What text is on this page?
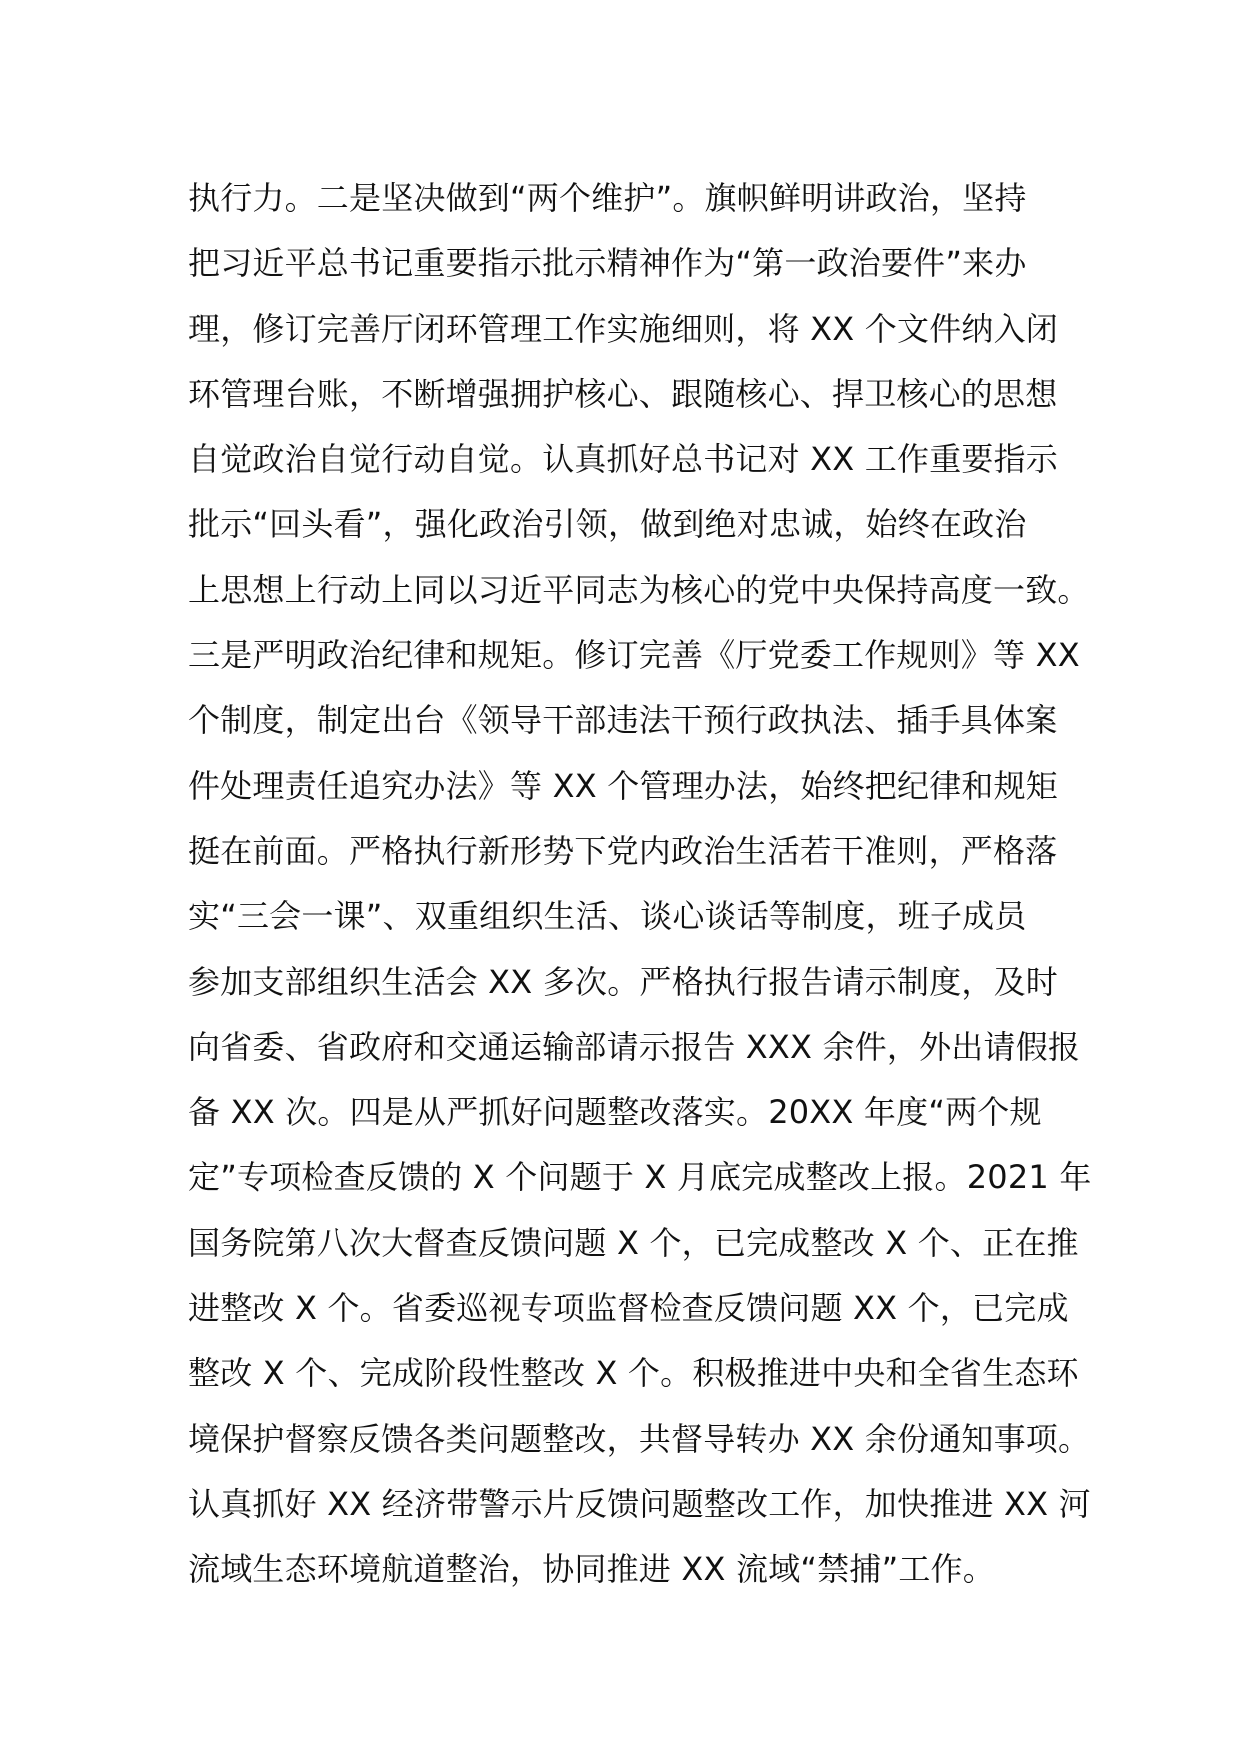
执行力。二是坚决做到“两个维护”。旗帜鲜明讲政治，坚持
把习近平总书记重要指示批示精神作为“第一政治要件”来办
理，修订完善厅闭环管理工作实施细则，将 XX 个文件纳入闭
环管理台账，不断增强拥护核心、跟随核心、捍卫核心的思想
自觉政治自觉行动自觉。认真抓好总书记对 XX 工作重要指示
批示“回头看”，强化政治引领，做到绝对忠诚，始终在政治
上思想上行动上同以习近平同志为核心的党中央保持高度一致。
三是严明政治纪律和规矩。修订完善《厅党委工作规则》等 XX
个制度，制定出台《领导干部违法干预行政执法、插手具体案
件处理责任追究办法》等 XX 个管理办法，始终把纪律和规矩
挺在前面。严格执行新形势下党内政治生活若干准则，严格落
实“三会一课”、双重组织生活、谈心谈话等制度，班子成员
参加支部组织生活会 XX 多次。严格执行报告请示制度，及时
向省委、省政府和交通运输部请示报告 XXX 余件，外出请假报
备 XX 次。四是从严抓好问题整改落实。20XX 年度“两个规
定”专项检查反馈的 X 个问题于 X 月底完成整改上报。2021 年
国务院第八次大督查反馈问题 X 个，已完成整改 X 个、正在推
进整改 X 个。省委巡视专项监督检查反馈问题 XX 个，已完成
整改 X 个、完成阶段性整改 X 个。积极推进中央和全省生态环
境保护督察反馈各类问题整改，共督导转办 XX 余份通知事项。
认真抓好 XX 经济带警示片反馈问题整改工作，加快推进 XX 河
流域生态环境航道整治，协同推进 XX 流域“禁捕”工作。
